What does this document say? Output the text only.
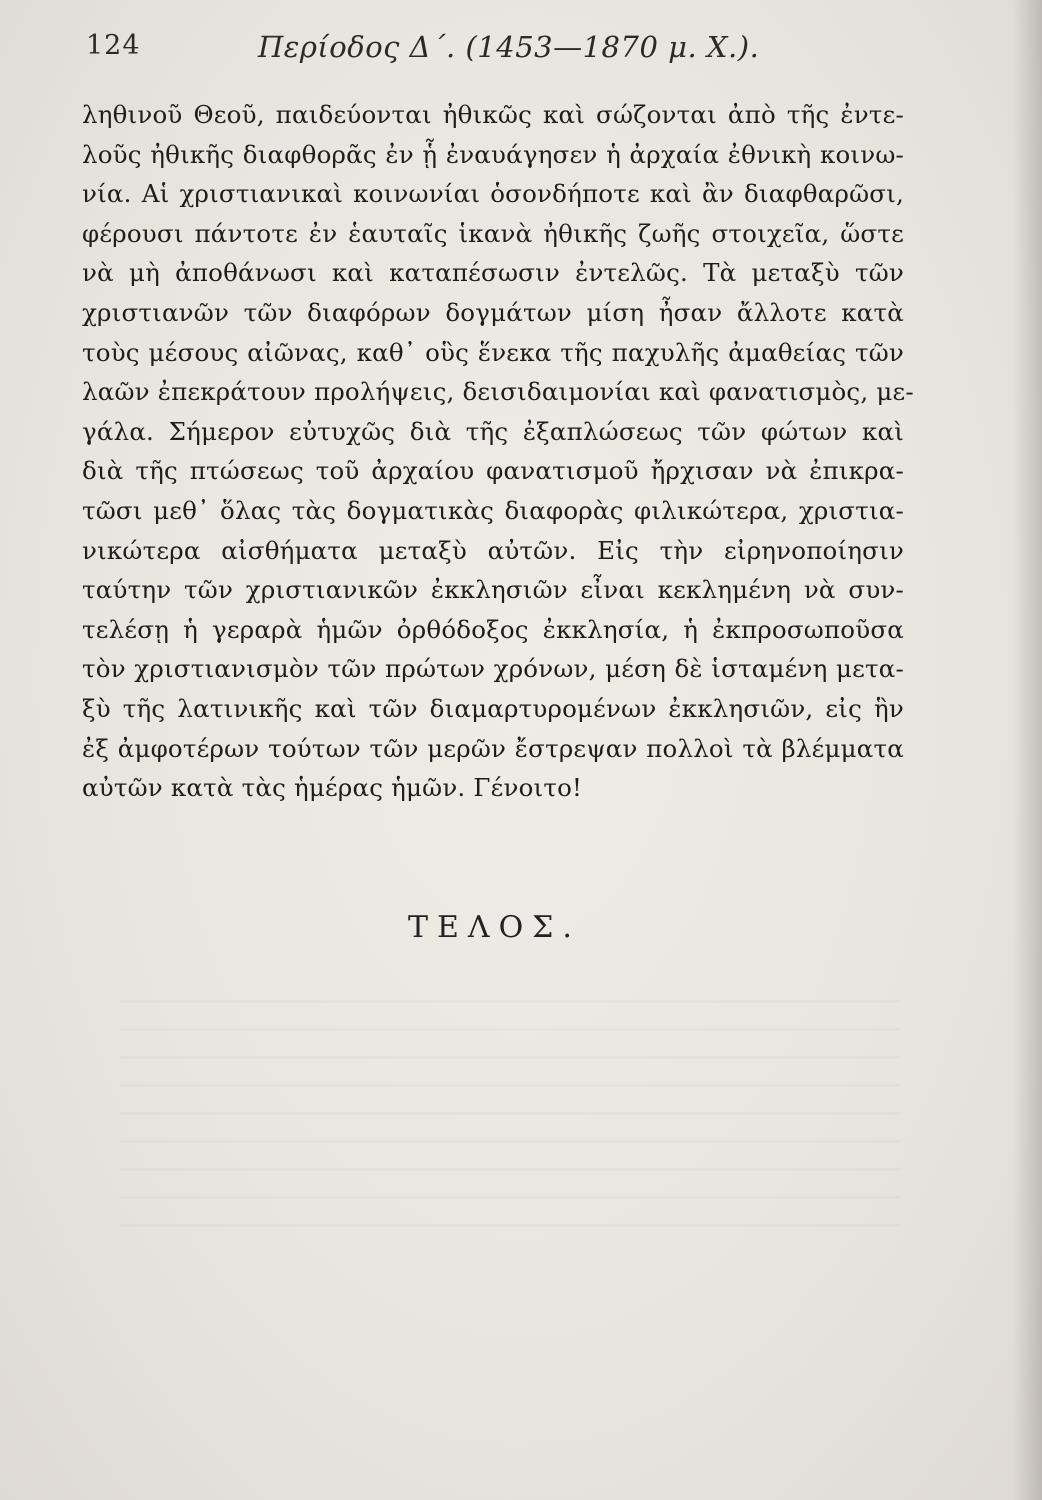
124	Περίοδος Δ΄. (1453—1870 μ. Χ.).
ληθινοῦ Θεοῦ, παιδεύονται ἠθικῶς καὶ σώζονται ἀπὸ τῆς ἐντε-
λοῦς ἠθικῆς διαφθορᾶς ἐν ᾗ ἐναυάγησεν ἡ ἀρχαία ἐθνικὴ κοινω-
νία. Αἱ χριστιανικαὶ κοινωνίαι ὁσονδήποτε καὶ ἂν διαφθαρῶσι,
φέρουσι πάντοτε ἐν ἑαυταῖς ἱκανὰ ἠθικῆς ζωῆς στοιχεῖα, ὥστε
νὰ μὴ ἀποθάνωσι καὶ καταπέσωσιν ἐντελῶς. Τὰ μεταξὺ τῶν
χριστιανῶν τῶν διαφόρων δογμάτων μίση ἦσαν ἄλλοτε κατὰ
τοὺς μέσους αἰῶνας, καθ᾽ οὓς ἕνεκα τῆς παχυλῆς ἀμαθείας τῶν
λαῶν ἐπεκράτουν προλήψεις, δεισιδαιμονίαι καὶ φανατισμὸς, με-
γάλα. Σήμερον εὐτυχῶς διὰ τῆς ἐξαπλώσεως τῶν φώτων καὶ
διὰ τῆς πτώσεως τοῦ ἀρχαίου φανατισμοῦ ἤρχισαν νὰ ἐπικρα-
τῶσι μεθ᾽ ὅλας τὰς δογματικὰς διαφορὰς φιλικώτερα, χριστια-
νικώτερα αἰσθήματα μεταξὺ αὐτῶν. Εἰς τὴν εἰρηνοποίησιν
ταύτην τῶν χριστιανικῶν ἐκκλησιῶν εἶναι κεκλημένη νὰ συν-
τελέσῃ ἡ γεραρὰ ἡμῶν ὀρθόδοξος ἐκκλησία, ἡ ἐκπροσωποῦσα
τὸν χριστιανισμὸν τῶν πρώτων χρόνων, μέση δὲ ἱσταμένη μετα-
ξὺ τῆς λατινικῆς καὶ τῶν διαμαρτυρομένων ἐκκλησιῶν, εἰς ἣν
ἐξ ἀμφοτέρων τούτων τῶν μερῶν ἔστρεψαν πολλοὶ τὰ βλέμματα
αὐτῶν κατὰ τὰς ἡμέρας ἡμῶν. Γένοιτο!
ΤΕΛΟΣ.
